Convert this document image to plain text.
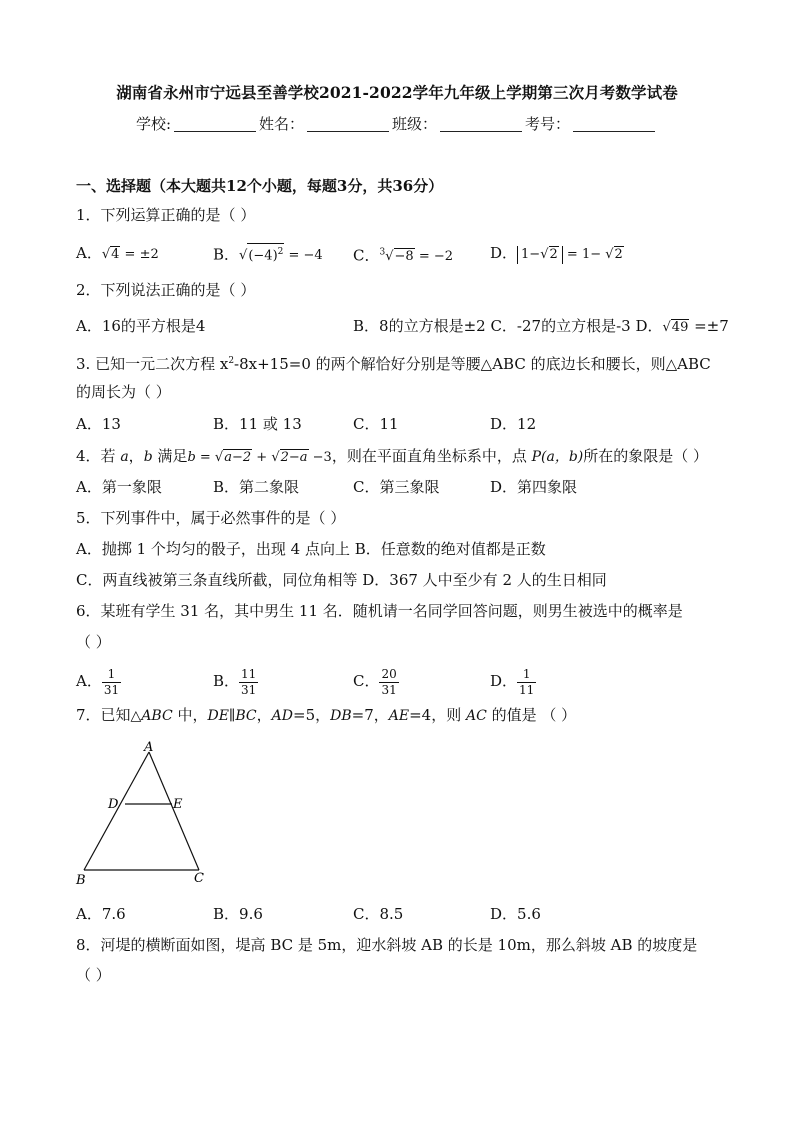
湖南省永州市宁远县至善学校2021-2022学年九年级上学期第三次月考数学试卷
学校:	姓名：	班级：	考号：
一、选择题（本大题共12个小题，每题3分，共36分）
1．下列运算正确的是（ ）
A．√4 = ±2	B．$√(-4)^2 = -4$ C．$^3$√−8 = −2 D． 1−√2 = 1− √2
2．下列说法正确的是（ ）
A．16的平方根是4	B．8的立方根是±2 C．-27的立方根是-3 D．√49 =±7
3. 已知一元二次方程 $x^2-8x+15=0$ 的两个解恰好分别是等腰△ABC 的底边长和腰长，则△ABC
的周长为（ ）
A．13	B．11 或 13	C．11	D．12
4．若 a，b 满足b = √a−2 + √2−a −3，则在平面直角坐标系中，点 P(a，b)所在的象限是（ ）
A．第一象限	B．第二象限	C．第三象限	D．第四象限
5．下列事件中，属于必然事件的是（ ）
A．抛掷 1 个均匀的骰子，出现 4 点向上 B．任意数的绝对值都是正数
C．两直线被第三条直线所截，同位角相等 D．367 人中至少有 2 人的生日相同
6．某班有学生 31 名，其中男生 11 名．随机请一名同学回答问题，则男生被选中的概率是
（ ）
A． $\frac{1}{31}$	B． $\frac{11}{31}$	C． $\frac{20}{31}$	D． $\frac{1}{11}$
7．已知△ABC 中，DE∥BC，AD=5，DB=7，AE=4，则 AC 的值是 （ ）
A
B	C
D	E
A．7.6	B．9.6	C．8.5	D．5.6
8．河堤的横断面如图，堤高 BC 是 5m，迎水斜坡 AB 的长是 10m，那么斜坡 AB 的坡度是
（ ）
